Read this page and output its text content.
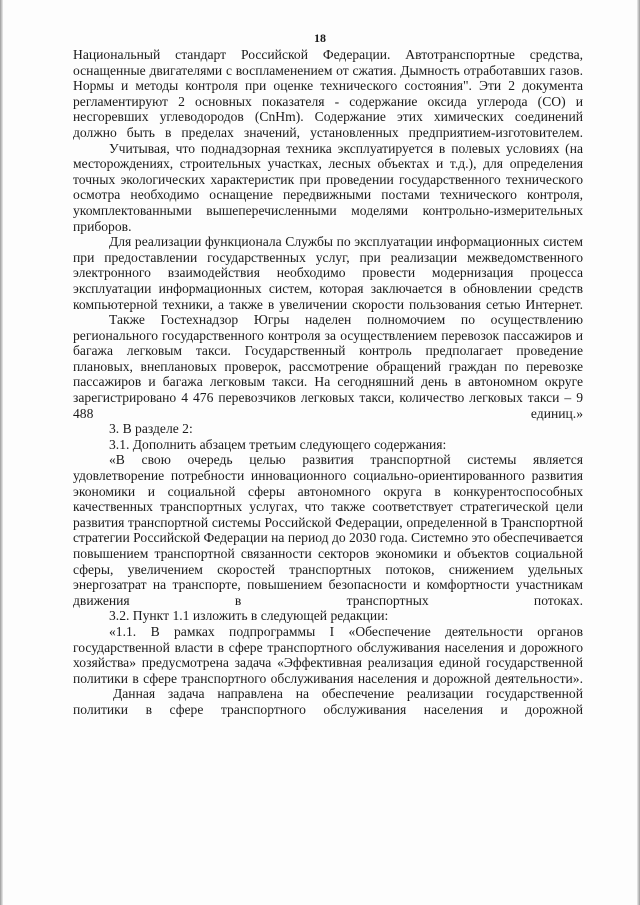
18

Национальный стандарт Российской Федерации. Автотранспортные средства, оснащенные двигателями с воспламенением от сжатия. Дымность отработавших газов. Нормы и методы контроля при оценке технического состояния". Эти 2 документа регламентируют 2 основных показателя - содержание оксида углерода (CO) и несгоревших углеводородов (CnHm). Содержание этих химических соединений должно быть в пределах значений, установленных предприятием-изготовителем.

Учитывая, что поднадзорная техника эксплуатируется в полевых условиях (на месторождениях, строительных участках, лесных объектах и т.д.), для определения точных экологических характеристик при проведении государственного технического осмотра необходимо оснащение передвижными постами технического контроля, укомплектованными вышеперечисленными моделями контрольно-измерительных приборов.

Для реализации функционала Службы по эксплуатации информационных систем при предоставлении государственных услуг, при реализации межведомственного электронного взаимодействия необходимо провести модернизация процесса эксплуатации информационных систем, которая заключается в обновлении средств компьютерной техники, а также в увеличении скорости пользования сетью Интернет.

Также Гостехнадзор Югры наделен полномочием по осуществлению регионального государственного контроля за осуществлением перевозок пассажиров и багажа легковым такси. Государственный контроль предполагает проведение плановых, внеплановых проверок, рассмотрение обращений граждан по перевозке пассажиров и багажа легковым такси. На сегодняшний день в автономном округе зарегистрировано 4 476 перевозчиков легковых такси, количество легковых такси – 9 488 единиц.»

3. В разделе 2:

3.1. Дополнить абзацем третьим следующего содержания:

«В свою очередь целью развития транспортной системы является удовлетворение потребности инновационного социально-ориентированного развития экономики и социальной сферы автономного округа в конкурентоспособных качественных транспортных услугах, что также соответствует стратегической цели развития транспортной системы Российской Федерации, определенной в Транспортной стратегии Российской Федерации на период до 2030 года. Системно это обеспечивается повышением транспортной связанности секторов экономики и объектов социальной сферы, увеличением скоростей транспортных потоков, снижением удельных энергозатрат на транспорте, повышением безопасности и комфортности участникам движения в транспортных потоках.

3.2. Пункт 1.1 изложить в следующей редакции:

«1.1. В рамках подпрограммы I «Обеспечение деятельности органов государственной власти в сфере транспортного обслуживания населения и дорожного хозяйства» предусмотрена задача «Эффективная реализация единой государственной политики в сфере транспортного обслуживания населения и дорожной деятельности».

Данная задача направлена на обеспечение реализации государственной политики в сфере транспортного обслуживания населения и дорожной
